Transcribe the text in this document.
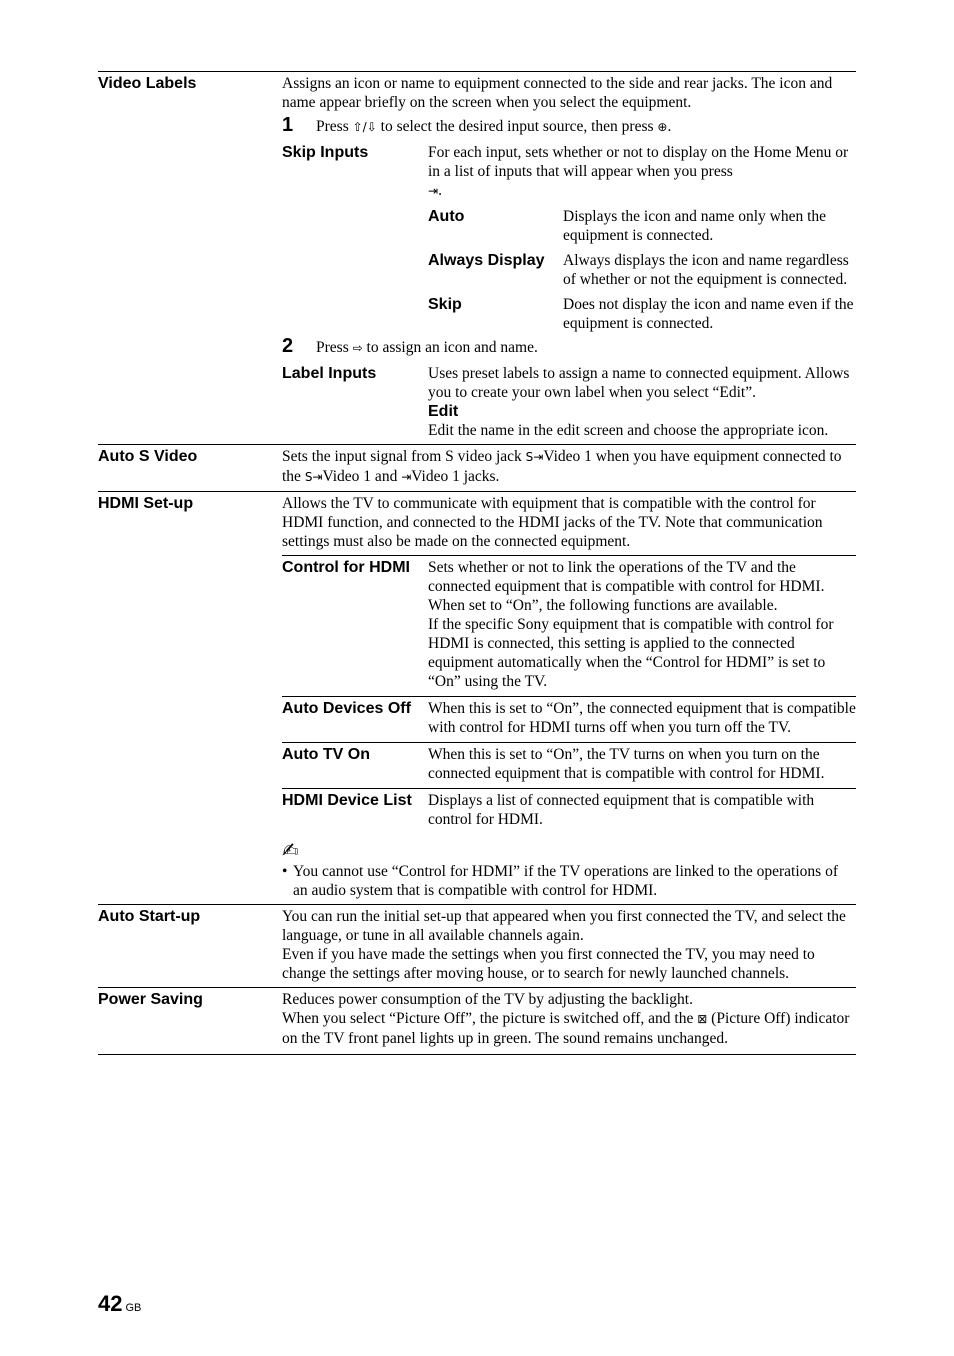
Video Labels	Assigns an icon or name to equipment connected to the side and rear jacks. The icon and name appear briefly on the screen when you select the equipment.
1	Press ⇧/⇩ to select the desired input source, then press ⊕.
Skip Inputs	For each input, sets whether or not to display on the Home Menu or in a list of inputs that will appear when you press
⇥.
Auto	Displays the icon and name only when the equipment is connected.
Always Display	Always displays the icon and name regardless of whether or not the equipment is connected.
Skip	Does not display the icon and name even if the equipment is connected.
2	Press ⇨ to assign an icon and name.
Label Inputs	Uses preset labels to assign a name to connected equipment. Allows you to create your own label when you select “Edit”.
Edit
Edit the name in the edit screen and choose the appropriate icon.
Auto S Video	Sets the input signal from S video jack S⇥Video 1 when you have equipment connected to the S⇥Video 1 and ⇥Video 1 jacks.
HDMI Set-up	Allows the TV to communicate with equipment that is compatible with the control for HDMI function, and connected to the HDMI jacks of the TV. Note that communication settings must also be made on the connected equipment.
Control for HDMI	Sets whether or not to link the operations of the TV and the connected equipment that is compatible with control for HDMI. When set to “On”, the following functions are available.
If the specific Sony equipment that is compatible with control for HDMI is connected, this setting is applied to the connected equipment automatically when the “Control for HDMI” is set to “On” using the TV.
Auto Devices Off	When this is set to “On”, the connected equipment that is compatible with control for HDMI turns off when you turn off the TV.
Auto TV On	When this is set to “On”, the TV turns on when you turn on the connected equipment that is compatible with control for HDMI.
HDMI Device List	Displays a list of connected equipment that is compatible with control for HDMI.
✍
• You cannot use “Control for HDMI” if the TV operations are linked to the operations of an audio system that is compatible with control for HDMI.
Auto Start-up	You can run the initial set-up that appeared when you first connected the TV, and select the language, or tune in all available channels again.
Even if you have made the settings when you first connected the TV, you may need to change the settings after moving house, or to search for newly launched channels.
Power Saving	Reduces power consumption of the TV by adjusting the backlight.
When you select “Picture Off”, the picture is switched off, and the ⊠ (Picture Off) indicator on the TV front panel lights up in green. The sound remains unchanged.
42 GB
